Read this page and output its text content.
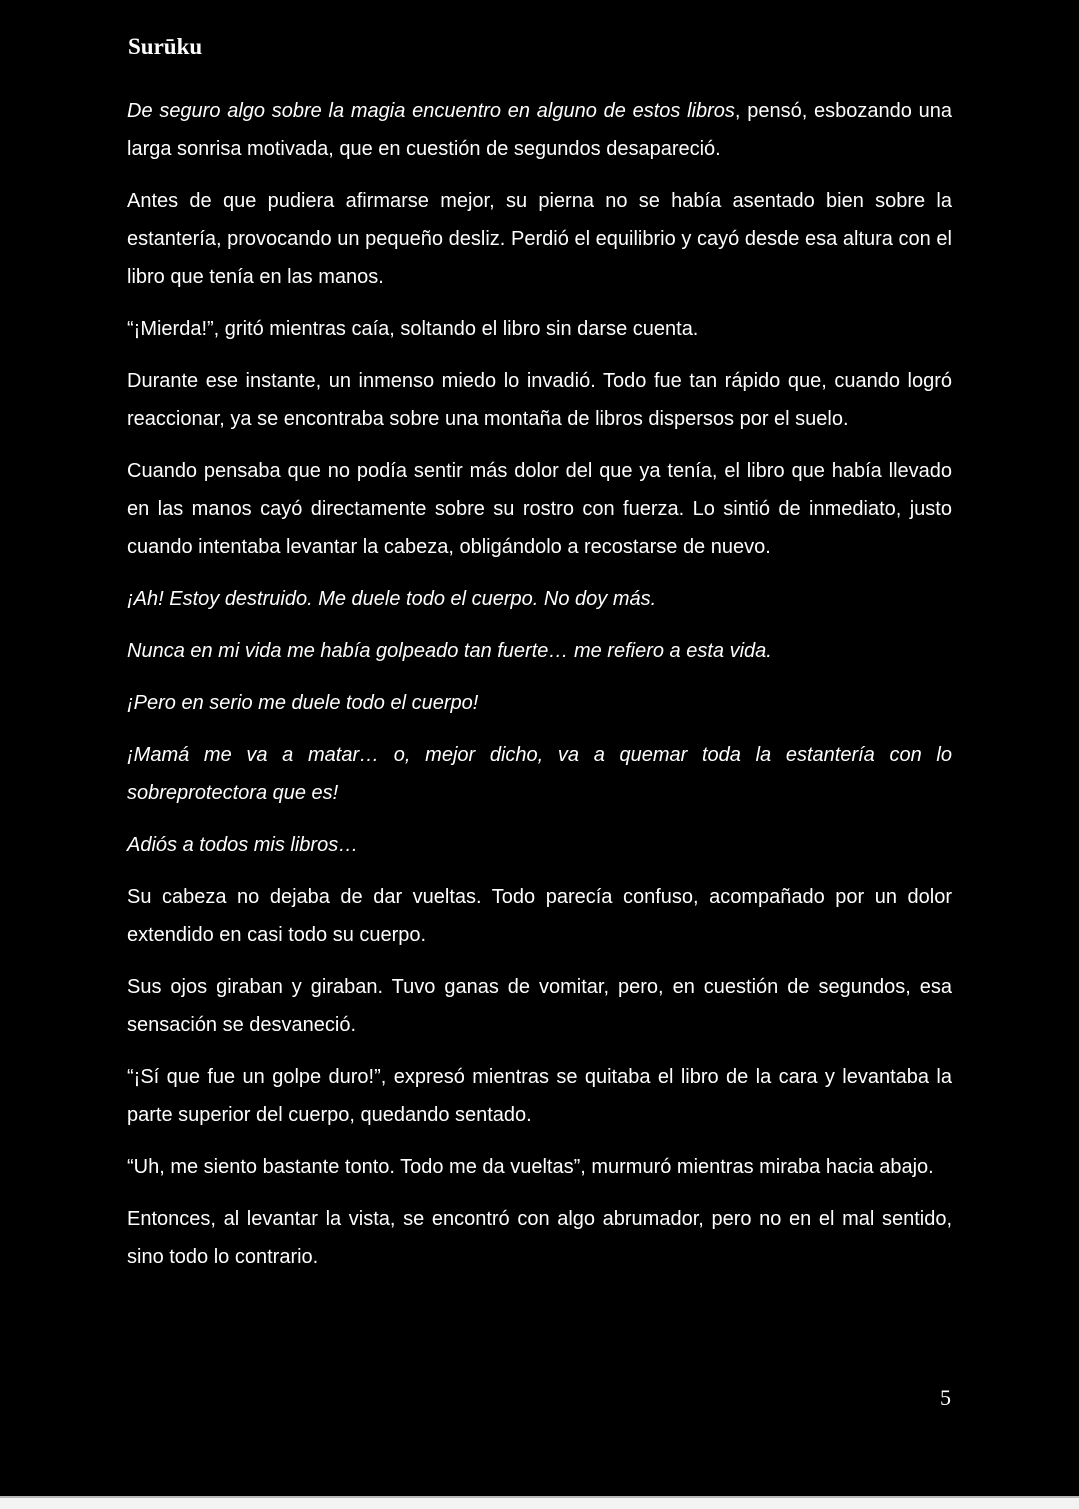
Surūku

De seguro algo sobre la magia encuentro en alguno de estos libros, pensó, esbozando una larga sonrisa motivada, que en cuestión de segundos desapareció.

Antes de que pudiera afirmarse mejor, su pierna no se había asentado bien sobre la estantería, provocando un pequeño desliz. Perdió el equilibrio y cayó desde esa altura con el libro que tenía en las manos.

“¡Mierda!”, gritó mientras caía, soltando el libro sin darse cuenta.

Durante ese instante, un inmenso miedo lo invadió. Todo fue tan rápido que, cuando logró reaccionar, ya se encontraba sobre una montaña de libros dispersos por el suelo.

Cuando pensaba que no podía sentir más dolor del que ya tenía, el libro que había llevado en las manos cayó directamente sobre su rostro con fuerza. Lo sintió de inmediato, justo cuando intentaba levantar la cabeza, obligándolo a recostarse de nuevo.

¡Ah! Estoy destruido. Me duele todo el cuerpo. No doy más.

Nunca en mi vida me había golpeado tan fuerte… me refiero a esta vida.

¡Pero en serio me duele todo el cuerpo!

¡Mamá me va a matar… o, mejor dicho, va a quemar toda la estantería con lo sobreprotectora que es!

Adiós a todos mis libros…

Su cabeza no dejaba de dar vueltas. Todo parecía confuso, acompañado por un dolor extendido en casi todo su cuerpo.

Sus ojos giraban y giraban. Tuvo ganas de vomitar, pero, en cuestión de segundos, esa sensación se desvaneció.

“¡Sí que fue un golpe duro!”, expresó mientras se quitaba el libro de la cara y levantaba la parte superior del cuerpo, quedando sentado.

“Uh, me siento bastante tonto. Todo me da vueltas”, murmuró mientras miraba hacia abajo.

Entonces, al levantar la vista, se encontró con algo abrumador, pero no en el mal sentido, sino todo lo contrario.

5
